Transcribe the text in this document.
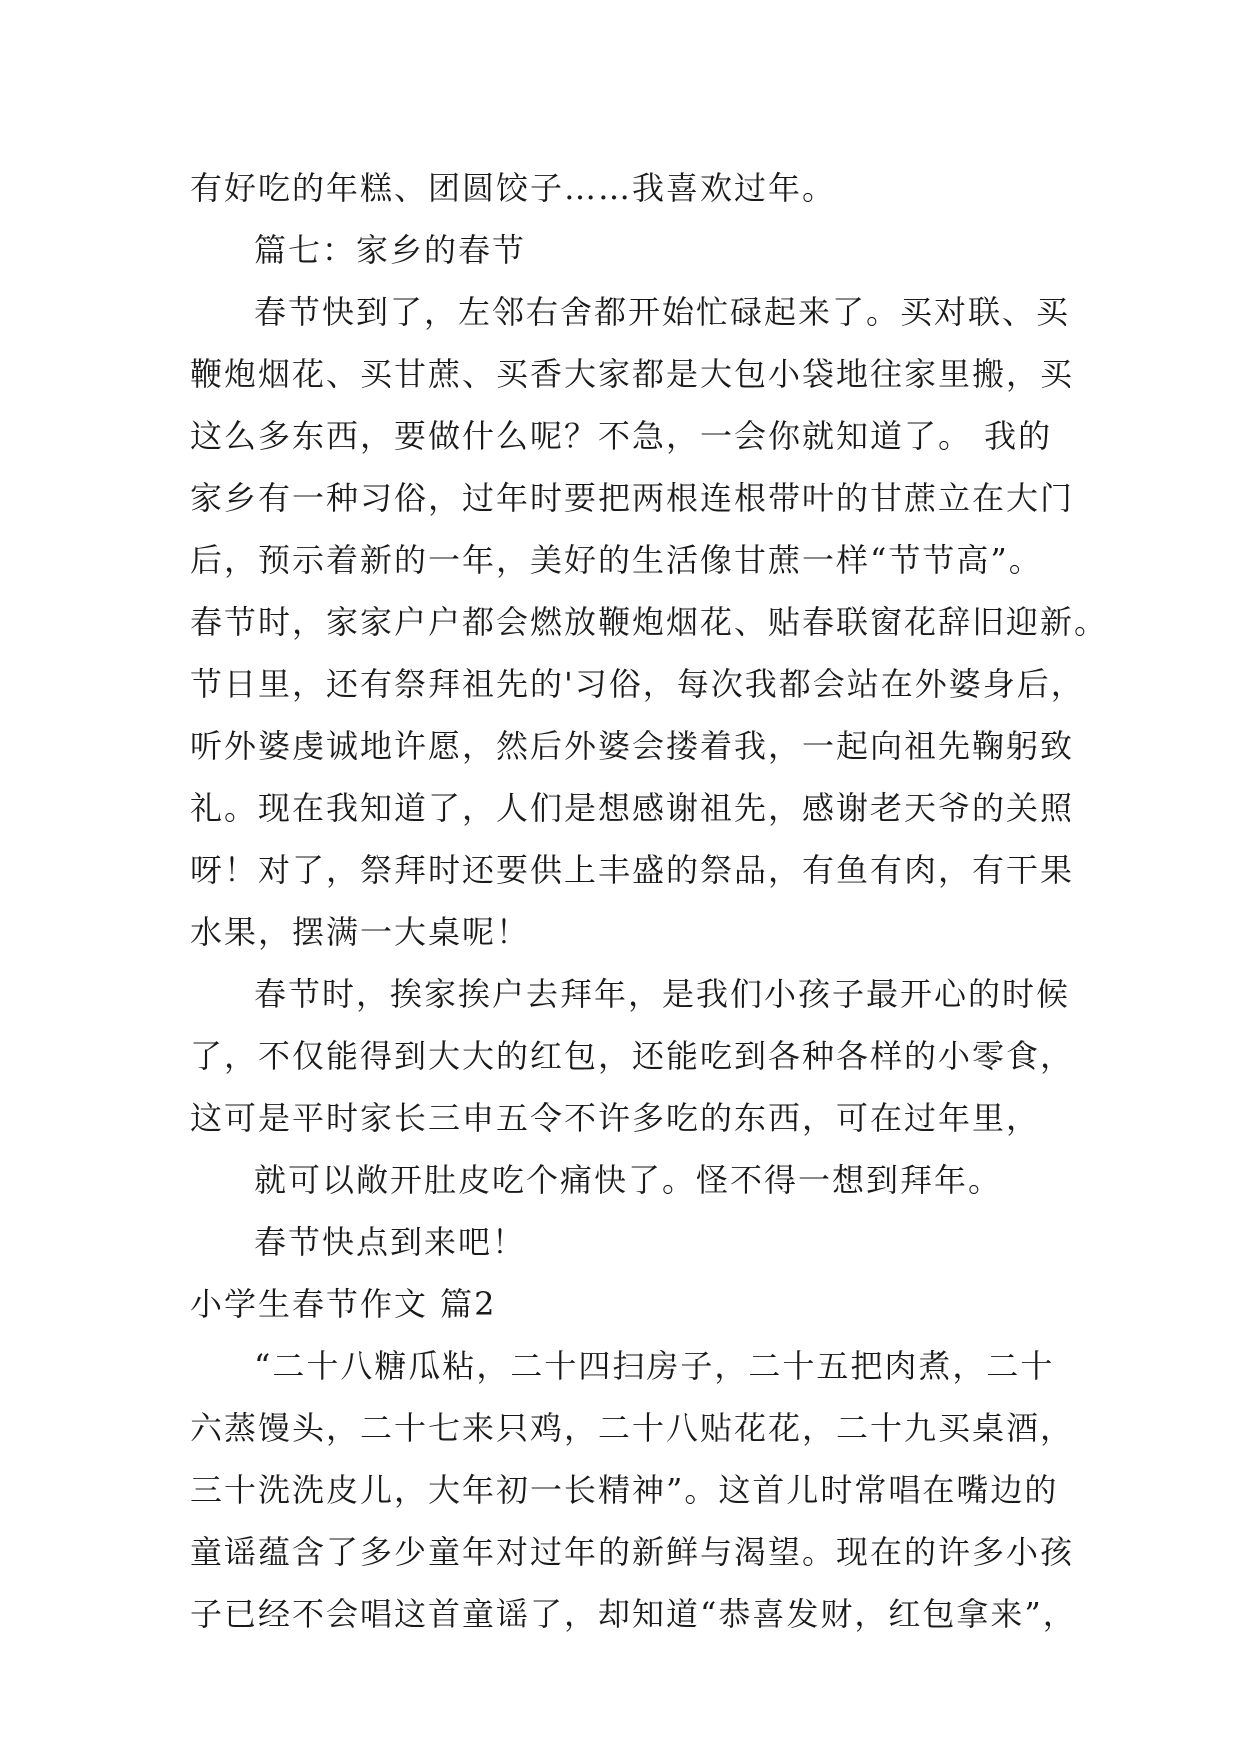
有好吃的年糕、团圆饺子……我喜欢过年。
篇七：家乡的春节
春节快到了，左邻右舍都开始忙碌起来了。买对联、买
鞭炮烟花、买甘蔗、买香大家都是大包小袋地往家里搬，买
这么多东西，要做什么呢？不急，一会你就知道了。 我的
家乡有一种习俗，过年时要把两根连根带叶的甘蔗立在大门
后，预示着新的一年，美好的生活像甘蔗一样“节节高”。
春节时，家家户户都会燃放鞭炮烟花、贴春联窗花辞旧迎新。
节日里，还有祭拜祖先的'习俗，每次我都会站在外婆身后，
听外婆虔诚地许愿，然后外婆会搂着我，一起向祖先鞠躬致
礼。现在我知道了，人们是想感谢祖先，感谢老天爷的关照
呀！对了，祭拜时还要供上丰盛的祭品，有鱼有肉，有干果
水果，摆满一大桌呢！
春节时，挨家挨户去拜年，是我们小孩子最开心的时候
了，不仅能得到大大的红包，还能吃到各种各样的小零食，
这可是平时家长三申五令不许多吃的东西，可在过年里，
就可以敞开肚皮吃个痛快了。怪不得一想到拜年。
春节快点到来吧！
小学生春节作文 篇2
“二十八糖瓜粘，二十四扫房子，二十五把肉煮，二十
六蒸馒头，二十七来只鸡，二十八贴花花，二十九买桌酒，
三十洗洗皮儿，大年初一长精神”。这首儿时常唱在嘴边的
童谣蕴含了多少童年对过年的新鲜与渴望。现在的许多小孩
子已经不会唱这首童谣了，却知道“恭喜发财，红包拿来”，
